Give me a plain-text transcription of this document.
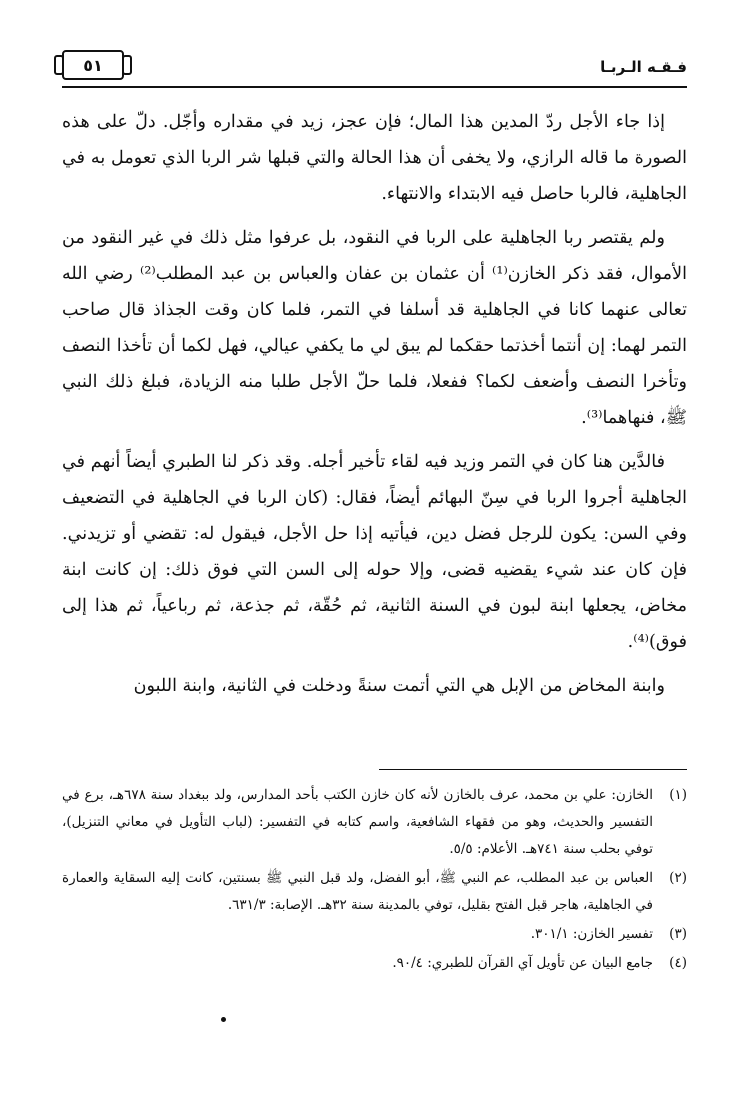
فـقـه الـربـا
٥١

إذا جاء الأجل ردّ المدين هذا المال؛ فإن عجز، زيد في مقداره وأجّل. دلّ على هذه الصورة ما قاله الرازي، ولا يخفى أن هذا الحالة والتي قبلها شر الربا الذي تعومل به في الجاهلية، فالربا حاصل فيه الابتداء والانتهاء.

ولم يقتصر ربا الجاهلية على الربا في النقود، بل عرفوا مثل ذلك في غير النقود من الأموال، فقد ذكر الخازن⁽¹⁾ أن عثمان بن عفان والعباس بن عبد المطلب⁽²⁾ رضي الله تعالى عنهما كانا في الجاهلية قد أسلفا في التمر، فلما كان وقت الجذاذ قال صاحب التمر لهما: إن أنتما أخذتما حقكما لم يبق لي ما يكفي عيالي، فهل لكما أن تأخذا النصف وتأخرا النصف وأضعف لكما؟ ففعلا، فلما حلّ الأجل طلبا منه الزيادة، فبلغ ذلك النبي ﷺ، فنهاهما⁽³⁾.

فالدَّين هنا كان في التمر وزيد فيه لقاء تأخير أجله. وقد ذكر لنا الطبري أيضاً أنهم في الجاهلية أجروا الربا في سِنّ البهائم أيضاً، فقال: (كان الربا في الجاهلية في التضعيف وفي السن: يكون للرجل فضل دين، فيأتيه إذا حل الأجل، فيقول له: تقضي أو تزيدني. فإن كان عند شيء يقضيه قضى، وإلا حوله إلى السن التي فوق ذلك: إن كانت ابنة مخاض، يجعلها ابنة لبون في السنة الثانية، ثم حُقّة، ثم جذعة، ثم رباعياً، ثم هذا إلى فوق)⁽⁴⁾.

وابنة المخاض من الإبل هي التي أتمت سنةً ودخلت في الثانية، وابنة اللبون

(١)الخازن: علي بن محمد، عرف بالخازن لأنه كان خازن الكتب بأحد المدارس، ولد ببغداد سنة ٦٧٨هـ، برع في التفسير والحديث، وهو من فقهاء الشافعية، واسم كتابه في التفسير: (لباب التأويل في معاني التنزيل)، توفي بحلب سنة ٧٤١هـ. الأعلام: ٥/٥.

(٢)العباس بن عبد المطلب، عم النبي ﷺ، أبو الفضل، ولد قبل النبي ﷺ بسنتين، كانت إليه السقاية والعمارة في الجاهلية، هاجر قبل الفتح بقليل، توفي بالمدينة سنة ٣٢هـ. الإصابة: ٦٣١/٣.

(٣)تفسير الخازن: ٣٠١/١.

(٤)جامع البيان عن تأويل آي القرآن للطبري: ٩٠/٤.
